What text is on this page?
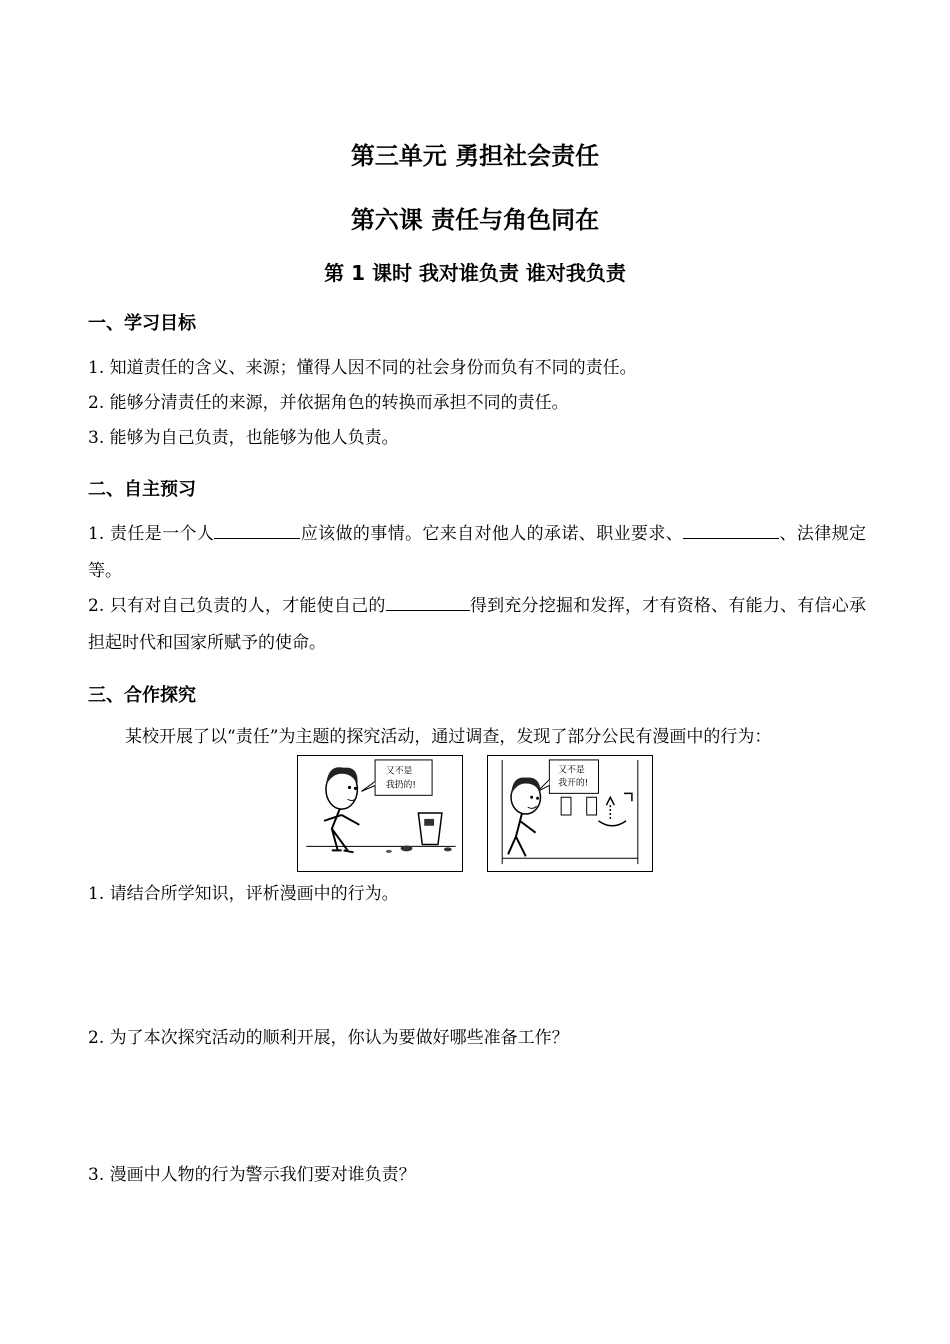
第三单元 勇担社会责任
第六课 责任与角色同在
第 1 课时 我对谁负责 谁对我负责
一、学习目标

1. 知道责任的含义、来源；懂得人因不同的社会身份而负有不同的责任。

2. 能够分清责任的来源，并依据角色的转换而承担不同的责任。

3. 能够为自己负责，也能够为他人负责。

二、自主预习

1. 责任是一个人	应该做的事情。它来自对他人的承诺、职业要求、	、法律规定等。

2. 只有对自己负责的人，才能使自己的	得到充分挖掘和发挥，才有资格、有能力、有信心承担起时代和国家所赋予的使命。

三、合作探究

某校开展了以“责任”为主题的探究活动，通过调查，发现了部分公民有漫画中的行为：

又不是
我扔的!
又不是
我开的!

1. 请结合所学知识，评析漫画中的行为。

2. 为了本次探究活动的顺利开展，你认为要做好哪些准备工作？

3. 漫画中人物的行为警示我们要对谁负责？
